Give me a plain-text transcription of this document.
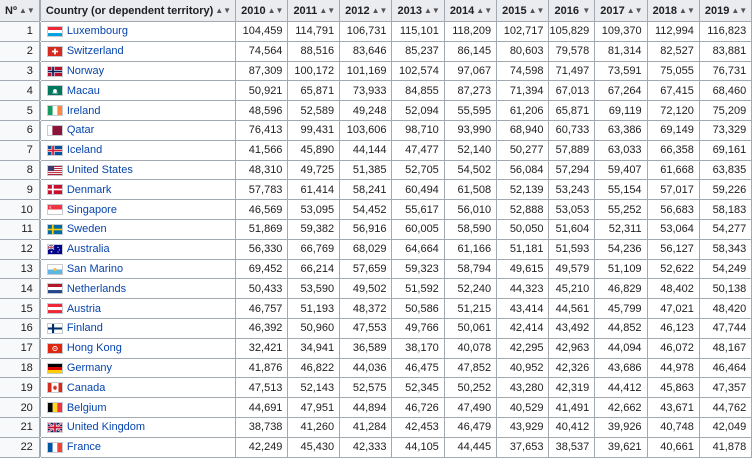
Nº ▲▼		Country (or dependent territory) ▲▼	2010 ▲▼	2011 ▲▼	2012 ▲▼	2013 ▲▼	2014 ▲▼	2015 ▲▼	2016 ▼	2017 ▲▼	2018 ▲▼	2019 ▲▼

1		Luxembourg	104,459	114,791	106,731	115,101	118,209	102,717	105,829	109,370	112,994	116,823
2		Switzerland	74,564	88,516	83,646	85,237	86,145	80,603	79,578	81,314	82,527	83,881
3		Norway	87,309	100,172	101,169	102,574	97,067	74,598	71,497	73,591	75,055	76,731
4		Macau	50,921	65,871	73,933	84,855	87,273	71,394	67,013	67,264	67,415	68,460
5		Ireland	48,596	52,589	49,248	52,094	55,595	61,206	65,871	69,119	72,120	75,209
6		Qatar	76,413	99,431	103,606	98,710	93,990	68,940	60,733	63,386	69,149	73,329
7		Iceland	41,566	45,890	44,144	47,477	52,140	50,277	57,889	63,033	66,358	69,161
8		United States	48,310	49,725	51,385	52,705	54,502	56,084	57,294	59,407	61,668	63,835
9		Denmark	57,783	61,414	58,241	60,494	61,508	52,139	53,243	55,154	57,017	59,226
10		Singapore	46,569	53,095	54,452	55,617	56,010	52,888	53,053	55,252	56,683	58,183
11		Sweden	51,869	59,382	56,916	60,005	58,590	50,050	51,604	52,311	53,064	54,277
12		Australia	56,330	66,769	68,029	64,664	61,166	51,181	51,593	54,236	56,127	58,343
13		San Marino	69,452	66,214	57,659	59,323	58,794	49,615	49,579	51,109	52,622	54,249
14		Netherlands	50,433	53,590	49,502	51,592	52,240	44,323	45,210	46,829	48,402	50,138
15		Austria	46,757	51,193	48,372	50,586	51,215	43,414	44,561	45,799	47,021	48,420
16		Finland	46,392	50,960	47,553	49,766	50,061	42,414	43,492	44,852	46,123	47,744
17		Hong Kong	32,421	34,941	36,589	38,170	40,078	42,295	42,963	44,094	46,072	48,167
18		Germany	41,876	46,822	44,036	46,475	47,852	40,952	42,326	43,686	44,978	46,464
19		Canada	47,513	52,143	52,575	52,345	50,252	43,280	42,319	44,412	45,863	47,357
20		Belgium	44,691	47,951	44,894	46,726	47,490	40,529	41,491	42,662	43,671	44,762
21		United Kingdom	38,738	41,260	41,284	42,453	46,479	43,929	40,412	39,926	40,748	42,049
22		France	42,249	45,430	42,333	44,105	44,445	37,653	38,537	39,621	40,661	41,878
